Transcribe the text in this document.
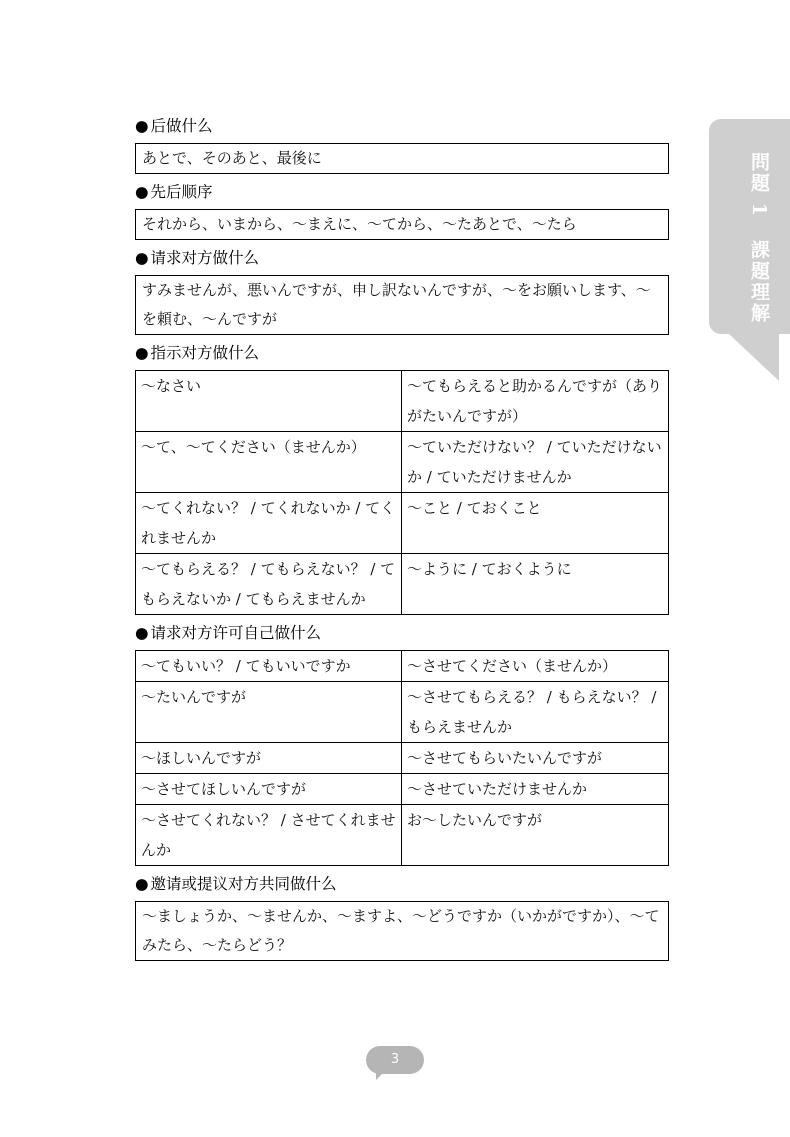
問題 1 課題理解
● 后做什么
あとで、そのあと、最後に
● 先后顺序
それから、いまから、〜まえに、〜てから、〜たあとで、〜たら
● 请求对方做什么
すみませんが、悪いんですが、申し訳ないんですが、〜をお願いします、〜を頼む、〜んですが
● 指示对方做什么
〜なさい	〜てもらえると助かるんですが（ありがたいんですが）
〜て、〜てください（ませんか）	〜ていただけない？ / ていただけないか / ていただけませんか
〜てくれない？ / てくれないか / てくれませんか	〜こと / ておくこと
〜てもらえる？ / てもらえない？ / てもらえないか / てもらえませんか	〜ように / ておくように
● 请求对方许可自己做什么
〜てもいい？ / てもいいですか	〜させてください（ませんか）
〜たいんですが	〜させてもらえる？ / もらえない？ / もらえませんか
〜ほしいんですが	〜させてもらいたいんですが
〜させてほしいんですが	〜させていただけませんか
〜させてくれない？ / させてくれませんか	お〜したいんですが
● 邀请或提议对方共同做什么
〜ましょうか、〜ませんか、〜ますよ、〜どうですか（いかがですか）、〜てみたら、〜たらどう？
3
